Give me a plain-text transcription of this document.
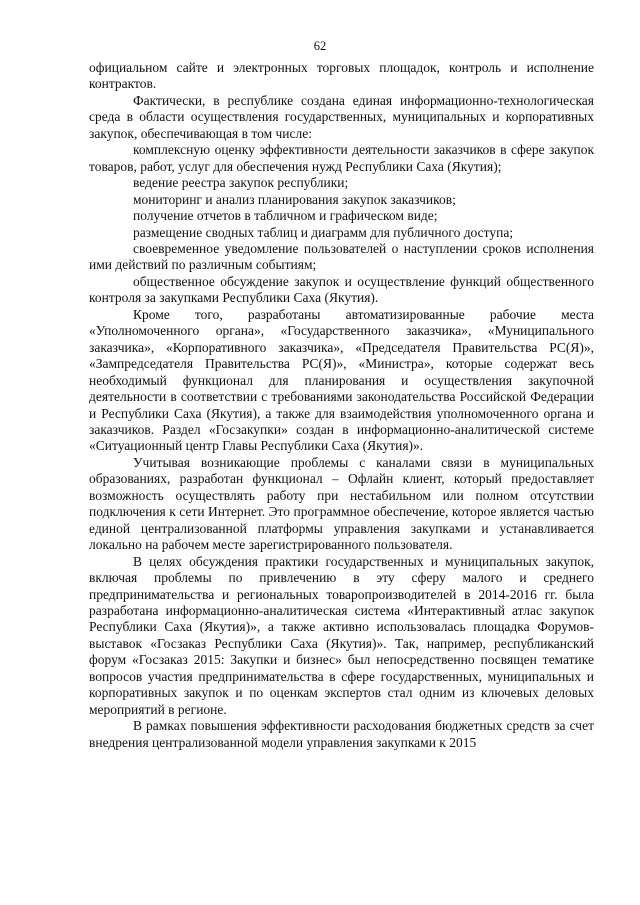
62

официальном сайте и электронных торговых площадок, контроль и исполнение контрактов.

Фактически, в республике создана единая информационно-технологическая среда в области осуществления государственных, муниципальных и корпоративных закупок, обеспечивающая в том числе:

комплексную оценку эффективности деятельности заказчиков в сфере закупок товаров, работ, услуг для обеспечения нужд Республики Саха (Якутия);

ведение реестра закупок республики;

мониторинг и анализ планирования закупок заказчиков;

получение отчетов в табличном и графическом виде;

размещение сводных таблиц и диаграмм для публичного доступа;

своевременное уведомление пользователей о наступлении сроков исполнения ими действий по различным событиям;

общественное обсуждение закупок и осуществление функций общественного контроля за закупками Республики Саха (Якутия).

Кроме того, разработаны автоматизированные рабочие места «Уполномоченного органа», «Государственного заказчика», «Муниципального заказчика», «Корпоративного заказчика», «Председателя Правительства РС(Я)», «Зампредседателя Правительства РС(Я)», «Министра», которые содержат весь необходимый функционал для планирования и осуществления закупочной деятельности в соответствии с требованиями законодательства Российской Федерации и Республики Саха (Якутия), а также для взаимодействия уполномоченного органа и заказчиков. Раздел «Госзакупки» создан в информационно-аналитической системе «Ситуационный центр Главы Республики Саха (Якутия)».

Учитывая возникающие проблемы с каналами связи в муниципальных образованиях, разработан функционал – Офлайн клиент, который предоставляет возможность осуществлять работу при нестабильном или полном отсутствии подключения к сети Интернет. Это программное обеспечение, которое является частью единой централизованной платформы управления закупками и устанавливается локально на рабочем месте зарегистрированного пользователя.

В целях обсуждения практики государственных и муниципальных закупок, включая проблемы по привлечению в эту сферу малого и среднего предпринимательства и региональных товаропроизводителей в 2014-2016 гг. была разработана информационно-аналитическая система «Интерактивный атлас закупок Республики Саха (Якутия)», а также активно использовалась площадка Форумов-выставок «Госзаказ Республики Саха (Якутия)». Так, например, республиканский форум «Госзаказ 2015: Закупки и бизнес» был непосредственно посвящен тематике вопросов участия предпринимательства в сфере государственных, муниципальных и корпоративных закупок и по оценкам экспертов стал одним из ключевых деловых мероприятий в регионе.

В рамках повышения эффективности расходования бюджетных средств за счет внедрения централизованной модели управления закупками к 2015
